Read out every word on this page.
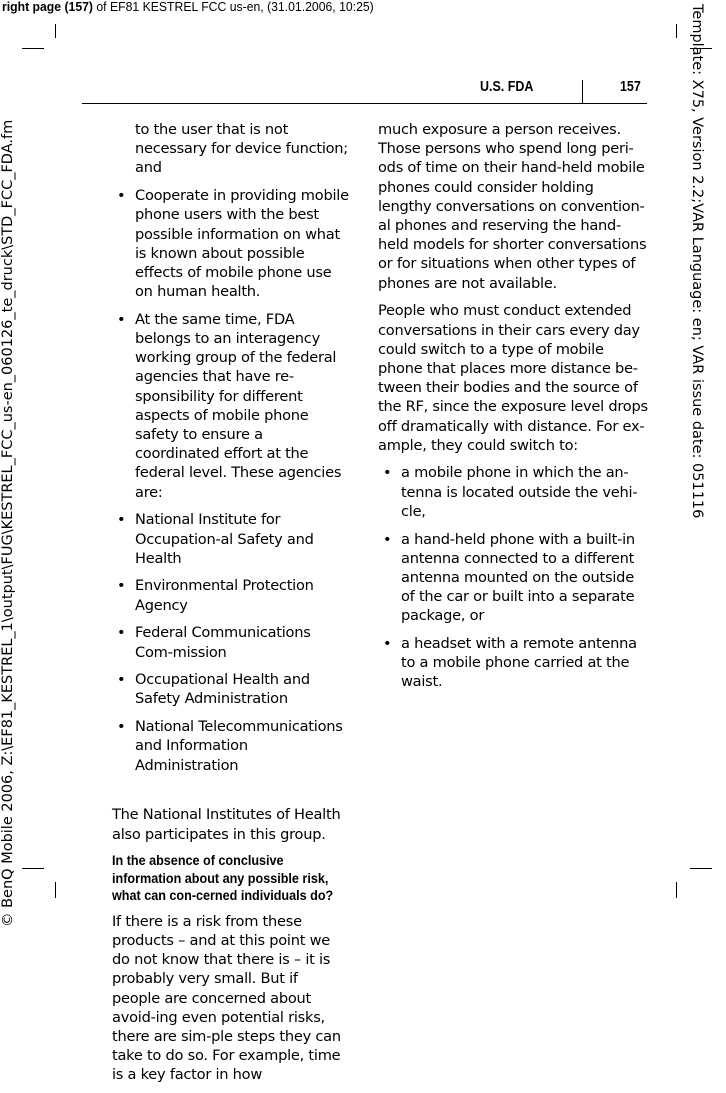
right page (157) of EF81 KESTREL FCC us-en, (31.01.2006, 10:25)
© BenQ Mobile 2006, Z:\EF81_KESTREL_1\output\FUG\KESTREL_FCC_us-en_060126_te_druck\STD_FCC_FDA.fm	Template: X75, Version 2.2;VAR Language: en; VAR issue date: 051116
U.S. FDA	157

to the user that is not necessary for device function; and

• Cooperate in providing mobile phone users with the best possible information on what is known about possible effects of mobile phone use on human health.
• At the same time, FDA belongs to an interagency working group of the federal agencies that have re-sponsibility for different aspects of mobile phone safety to ensure a coordinated effort at the federal level. These agencies are:
• National Institute for Occupation-al Safety and Health
• Environmental Protection Agency
• Federal Communications Com-mission
• Occupational Health and Safety Administration
• National Telecommunications and Information Administration

The National Institutes of Health also participates in this group.

In the absence of conclusive information about any possible risk, what can con-cerned individuals do?

If there is a risk from these products – and at this point we do not know that there is – it is probably very small. But if people are concerned about avoid-ing even potential risks, there are sim-ple steps they can take to do so. For example, time is a key factor in how

much exposure a person receives. Those persons who spend long peri-ods of time on their hand-held mobile phones could consider holding lengthy conversations on convention-al phones and reserving the hand-held models for shorter conversations or for situations when other types of phones are not available.

People who must conduct extended conversations in their cars every day could switch to a type of mobile phone that places more distance be-tween their bodies and the source of the RF, since the exposure level drops off dramatically with distance. For ex-ample, they could switch to:

• a mobile phone in which the an-tenna is located outside the vehi-cle,
• a hand-held phone with a built-in antenna connected to a different antenna mounted on the outside of the car or built into a separate package, or
• a headset with a remote antenna to a mobile phone carried at the waist.
